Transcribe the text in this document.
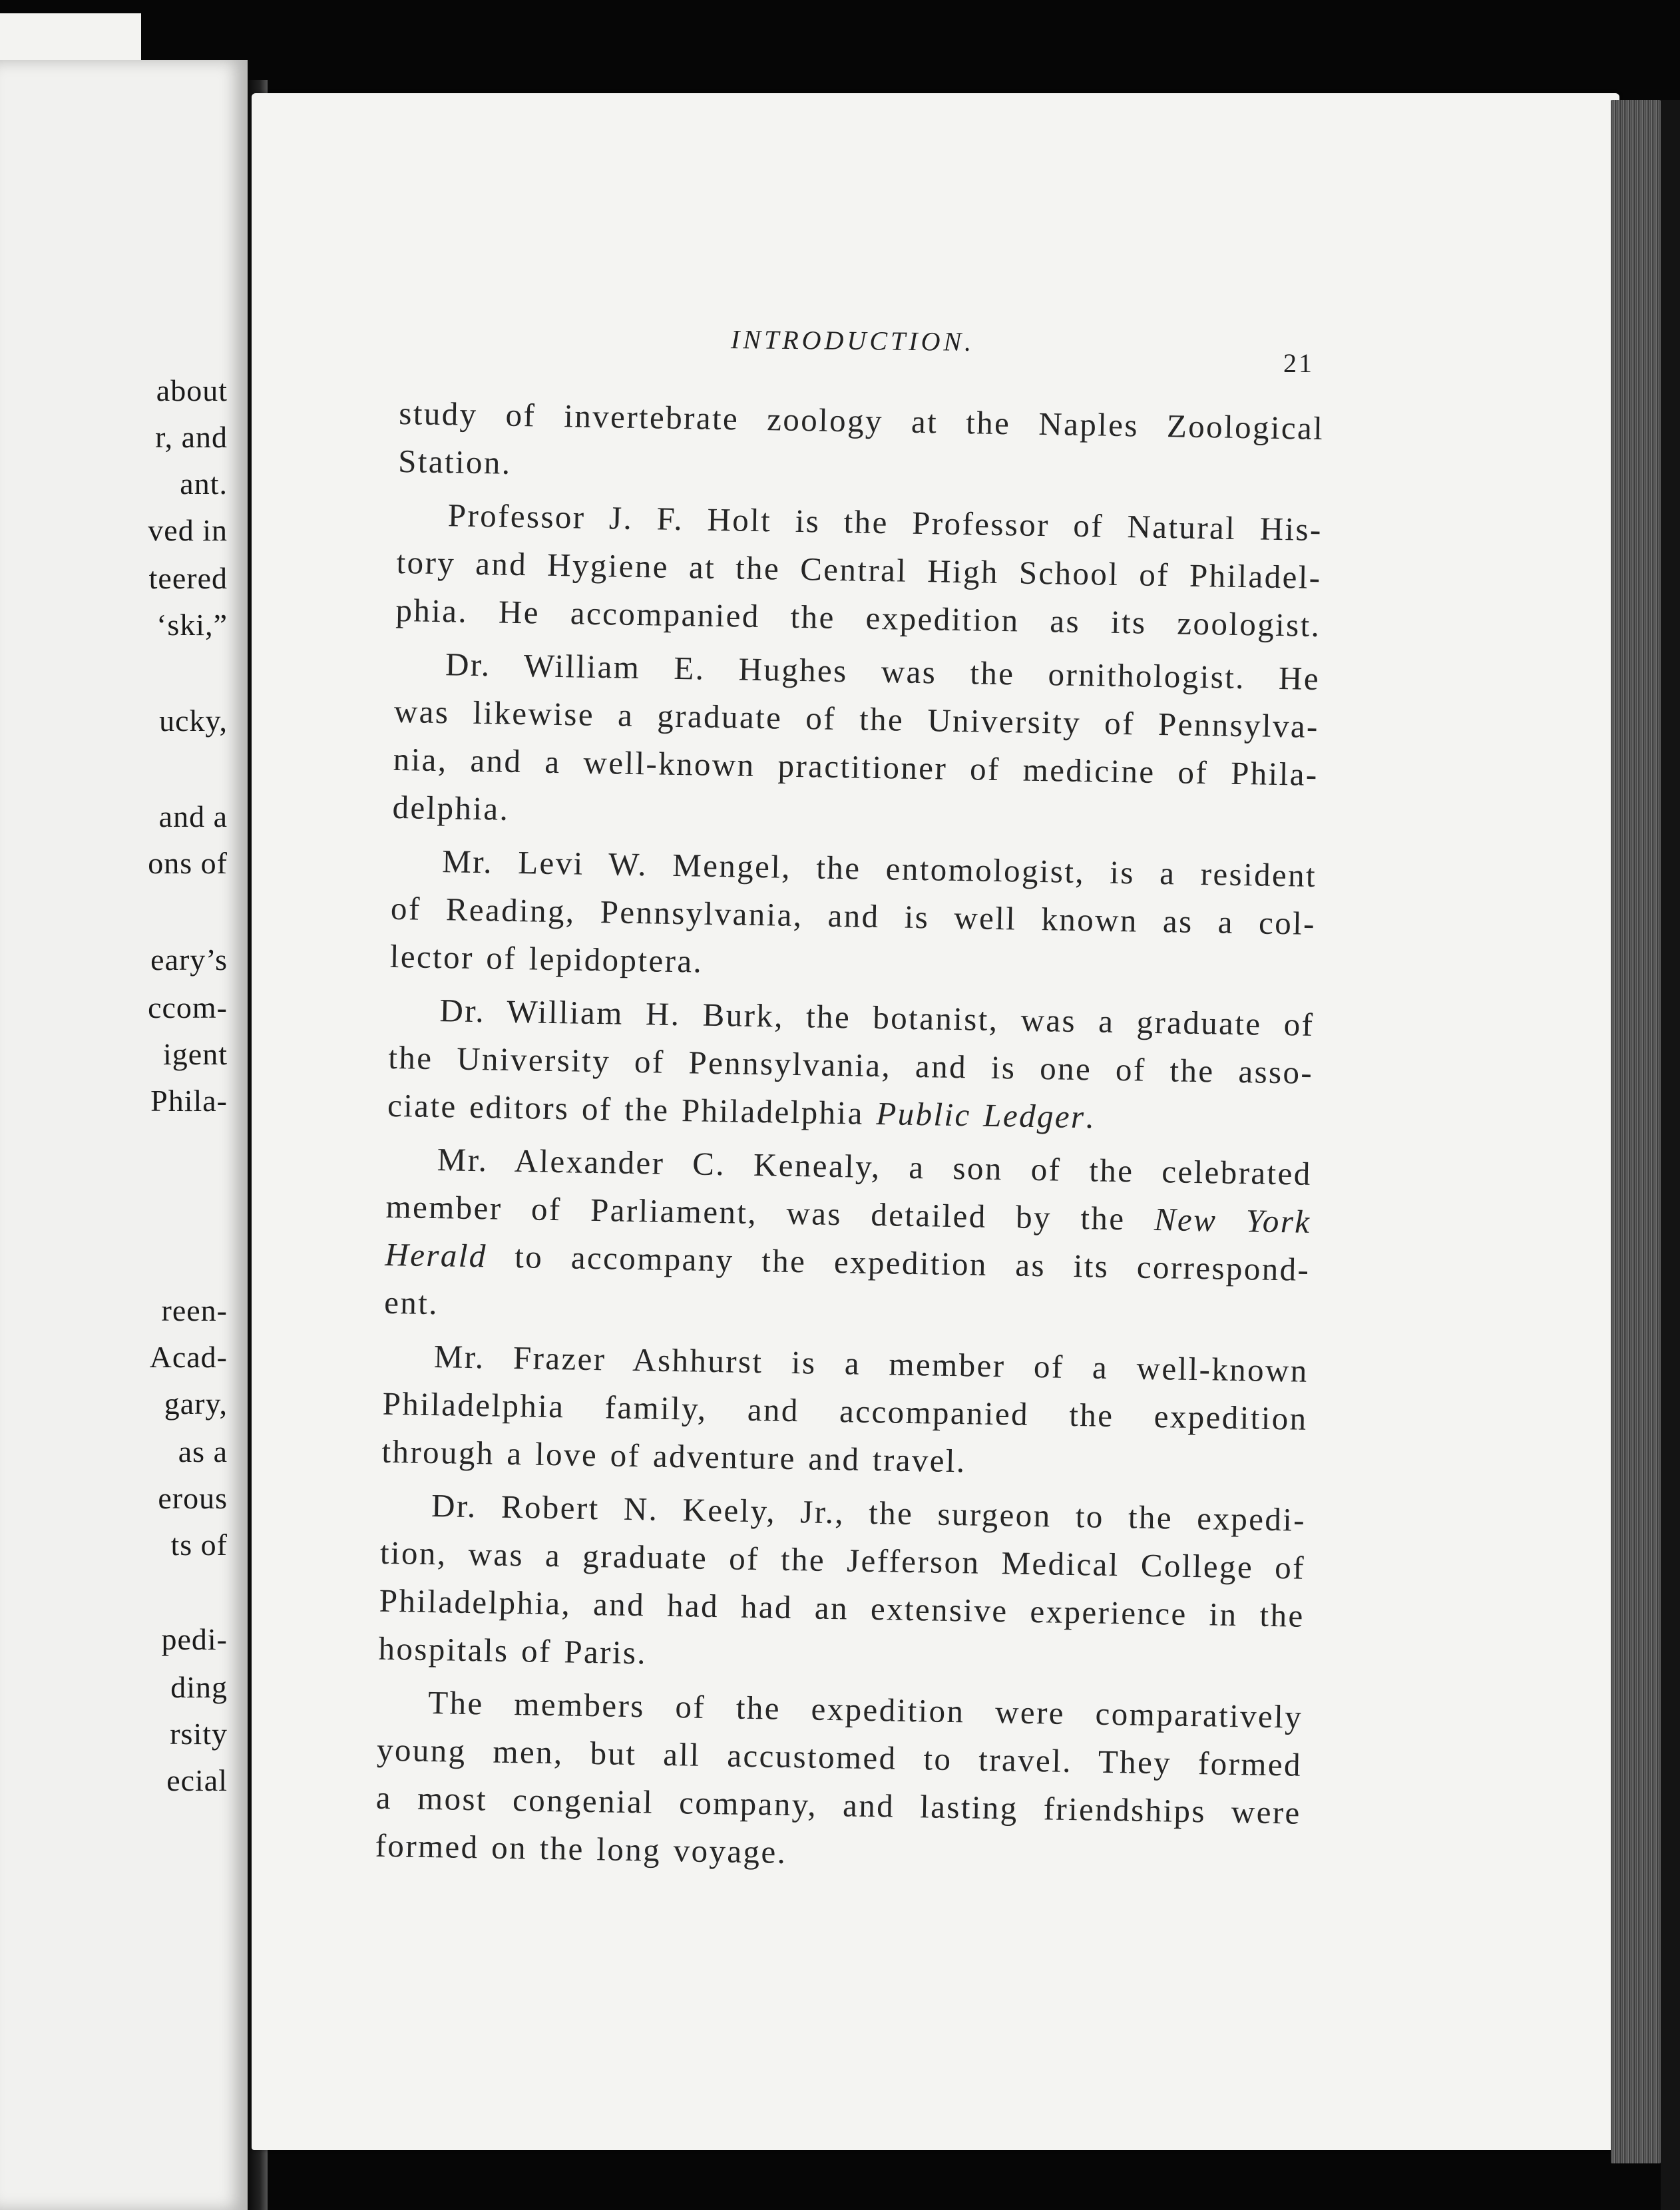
about
r, and
ant.
ved in
teered
‘ski,”
ucky,
and a
ons of
eary’s
ccom-
igent
Phila-
reen-
Acad-
gary,
as a
erous
ts of
pedi-
ding
rsity
ecial
INTRODUCTION.
21
study of invertebrate zoology at the Naples Zoological
Station.
Professor J. F. Holt is the Professor of Natural His-
tory and Hygiene at the Central High School of Philadel-
phia. He accompanied the expedition as its zoologist.
Dr. William E. Hughes was the ornithologist. He
was likewise a graduate of the University of Pennsylva-
nia, and a well-known practitioner of medicine of Phila-
delphia.
Mr. Levi W. Mengel, the entomologist, is a resident
of Reading, Pennsylvania, and is well known as a col-
lector of lepidoptera.
Dr. William H. Burk, the botanist, was a graduate of
the University of Pennsylvania, and is one of the asso-
ciate editors of the Philadelphia Public Ledger.
Mr. Alexander C. Kenealy, a son of the celebrated
member of Parliament, was detailed by the New York
Herald to accompany the expedition as its correspond-
ent.
Mr. Frazer Ashhurst is a member of a well-known
Philadelphia family, and accompanied the expedition
through a love of adventure and travel.
Dr. Robert N. Keely, Jr., the surgeon to the expedi-
tion, was a graduate of the Jefferson Medical College of
Philadelphia, and had had an extensive experience in the
hospitals of Paris.
The members of the expedition were comparatively
young men, but all accustomed to travel. They formed
a most congenial company, and lasting friendships were
formed on the long voyage.
